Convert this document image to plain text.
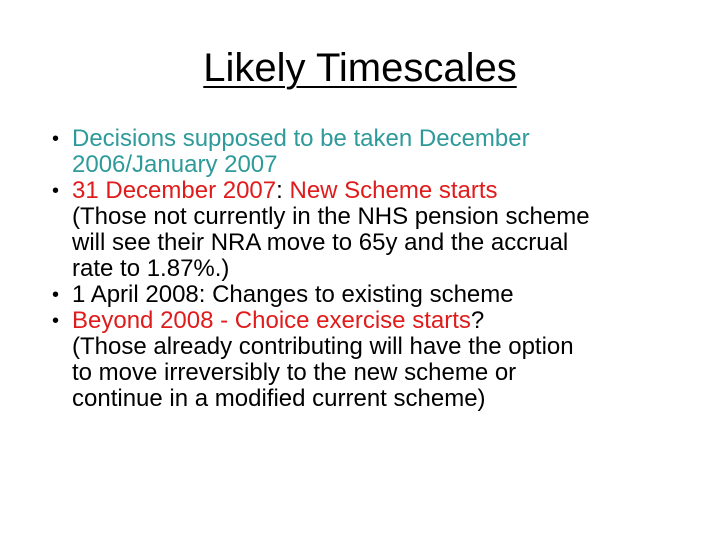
Likely Timescales
• Decisions supposed to be taken December
2006/January 2007
• 31 December 2007: New Scheme starts
(Those not currently in the NHS pension scheme
will see their NRA move to 65y and the accrual
rate to 1.87%.)
• 1 April 2008: Changes to existing scheme
• Beyond 2008 - Choice exercise starts?
(Those already contributing will have the option
to move irreversibly to the new scheme or
continue in a modified current scheme)
